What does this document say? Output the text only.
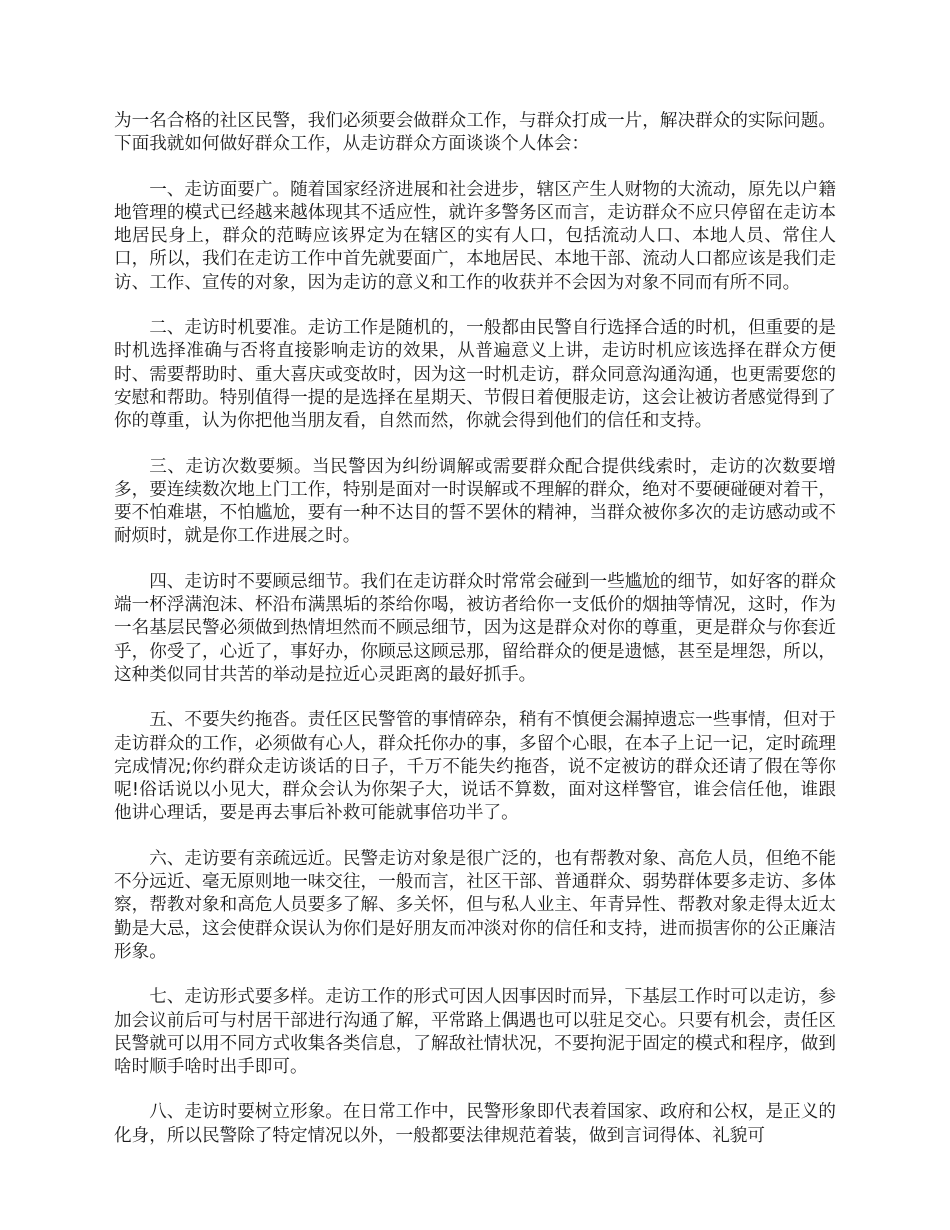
为一名合格的社区民警，我们必须要会做群众工作，与群众打成一片，解决群众的实际问题。下面我就如何做好群众工作，从走访群众方面谈谈个人体会：

一、走访面要广。随着国家经济进展和社会进步，辖区产生人财物的大流动，原先以户籍地管理的模式已经越来越体现其不适应性，就许多警务区而言，走访群众不应只停留在走访本地居民身上，群众的范畴应该界定为在辖区的实有人口，包括流动人口、本地人员、常住人口，所以，我们在走访工作中首先就要面广，本地居民、本地干部、流动人口都应该是我们走访、工作、宣传的对象，因为走访的意义和工作的收获并不会因为对象不同而有所不同。

二、走访时机要准。走访工作是随机的，一般都由民警自行选择合适的时机，但重要的是时机选择准确与否将直接影响走访的效果，从普遍意义上讲，走访时机应该选择在群众方便时、需要帮助时、重大喜庆或变故时，因为这一时机走访，群众同意沟通沟通，也更需要您的安慰和帮助。特别值得一提的是选择在星期天、节假日着便服走访，这会让被访者感觉得到了你的尊重，认为你把他当朋友看，自然而然，你就会得到他们的信任和支持。

三、走访次数要频。当民警因为纠纷调解或需要群众配合提供线索时，走访的次数要增多，要连续数次地上门工作，特别是面对一时误解或不理解的群众，绝对不要硬碰硬对着干，要不怕难堪，不怕尴尬，要有一种不达目的誓不罢休的精神，当群众被你多次的走访感动或不耐烦时，就是你工作进展之时。

四、走访时不要顾忌细节。我们在走访群众时常常会碰到一些尴尬的细节，如好客的群众端一杯浮满泡沫、杯沿布满黑垢的茶给你喝，被访者给你一支低价的烟抽等情况，这时，作为一名基层民警必须做到热情坦然而不顾忌细节，因为这是群众对你的尊重，更是群众与你套近乎，你受了，心近了，事好办，你顾忌这顾忌那，留给群众的便是遗憾，甚至是埋怨，所以，这种类似同甘共苦的举动是拉近心灵距离的最好抓手。

五、不要失约拖沓。责任区民警管的事情碎杂，稍有不慎便会漏掉遗忘一些事情，但对于走访群众的工作，必须做有心人，群众托你办的事，多留个心眼，在本子上记一记，定时疏理完成情况;你约群众走访谈话的日子，千万不能失约拖沓，说不定被访的群众还请了假在等你呢!俗话说以小见大，群众会认为你架子大，说话不算数，面对这样警官，谁会信任他，谁跟他讲心理话，要是再去事后补救可能就事倍功半了。

六、走访要有亲疏远近。民警走访对象是很广泛的，也有帮教对象、高危人员，但绝不能不分远近、毫无原则地一味交往，一般而言，社区干部、普通群众、弱势群体要多走访、多体察，帮教对象和高危人员要多了解、多关怀，但与私人业主、年青异性、帮教对象走得太近太勤是大忌，这会使群众误认为你们是好朋友而冲淡对你的信任和支持，进而损害你的公正廉洁形象。

七、走访形式要多样。走访工作的形式可因人因事因时而异，下基层工作时可以走访，参加会议前后可与村居干部进行沟通了解，平常路上偶遇也可以驻足交心。只要有机会，责任区民警就可以用不同方式收集各类信息，了解敌社情状况，不要拘泥于固定的模式和程序，做到啥时顺手啥时出手即可。

八、走访时要树立形象。在日常工作中，民警形象即代表着国家、政府和公权，是正义的化身，所以民警除了特定情况以外，一般都要法律规范着装，做到言词得体、礼貌可
